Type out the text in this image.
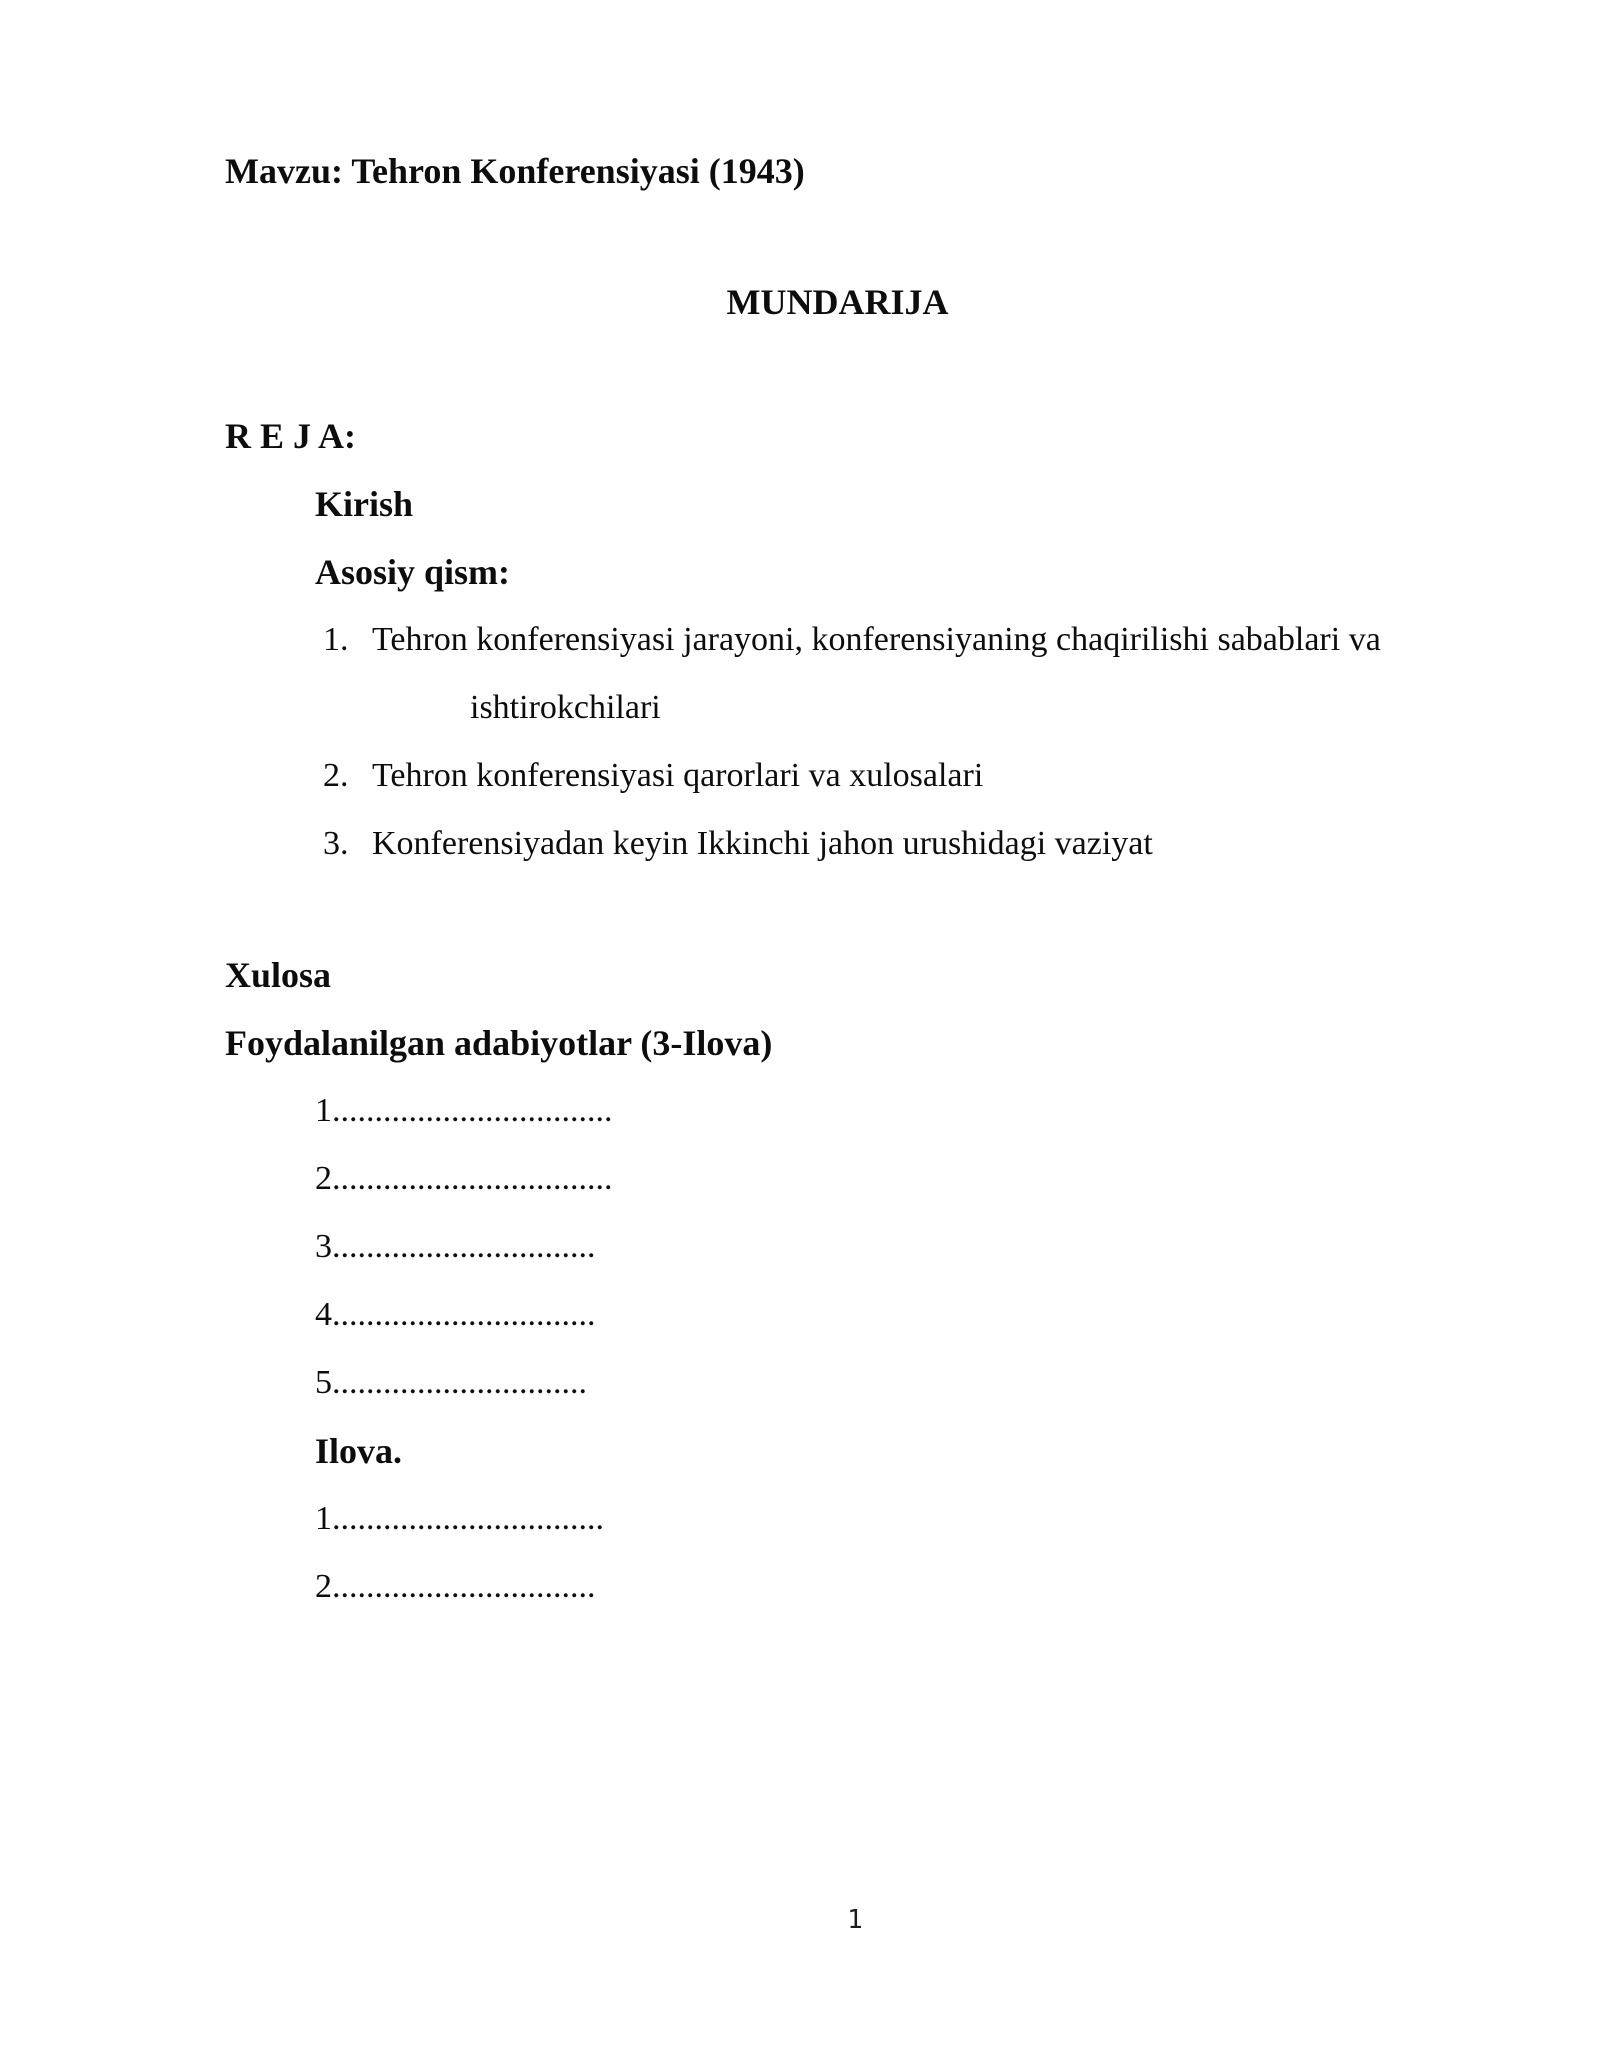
Mavzu: Tehron Konferensiyasi (1943)
MUNDARIJA
R E J A:
Kirish
Asosiy qism:
1. Tehron konferensiyasi jarayoni, konferensiyaning chaqirilishi sabablari va
ishtirokchilari
2. Tehron konferensiyasi qarorlari va xulosalari
3. Konferensiyadan keyin Ikkinchi jahon urushidagi vaziyat
Xulosa
Foydalanilgan adabiyotlar (3-Ilova)
1.................................
2.................................
3...............................
4...............................
5..............................
Ilova.
1................................
2...............................
1
